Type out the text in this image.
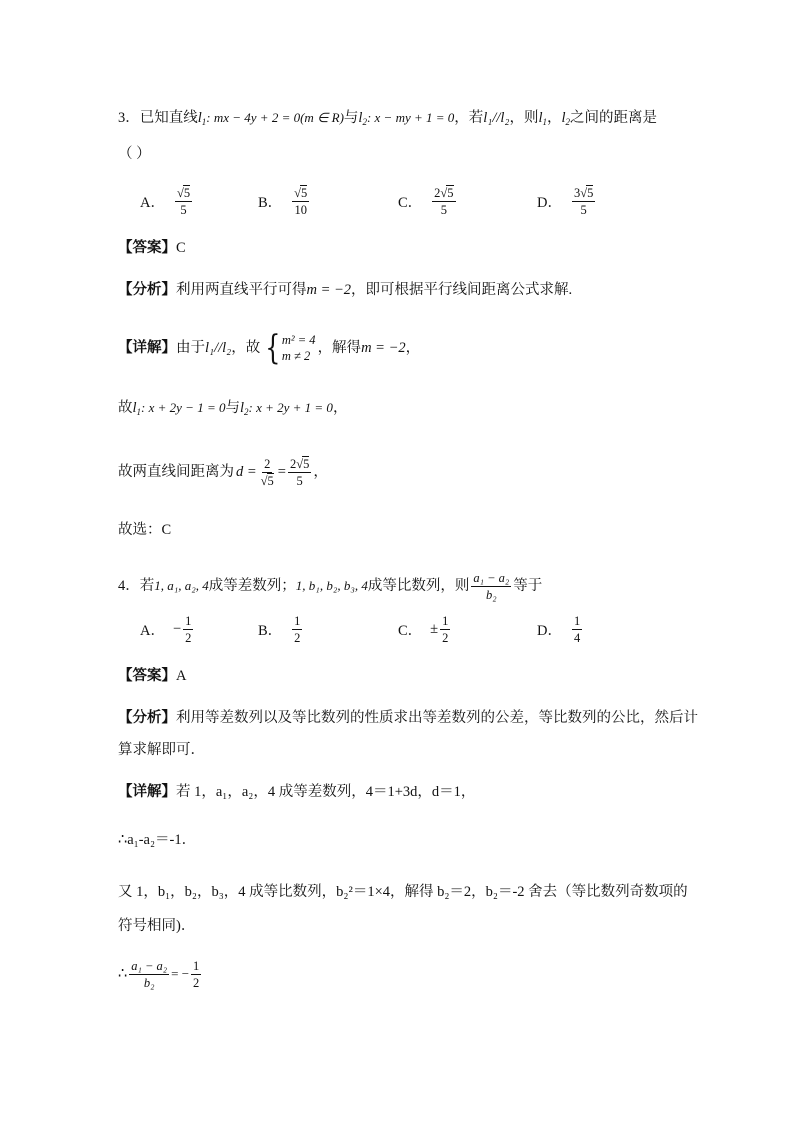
3．已知直线$l_1$: mx − 4y + 2 = 0(m ∈ R)与$l_2$: x − my + 1 = 0，若l₁//l₂，则$l_1$，$l_2$之间的距离是
（ ）
A． $\frac{√5}{5}$	B． $\frac{√5}{10}$	C． $\frac{2√5}{5}$	D． $\frac{3√5}{5}$
【答案】C
【分析】利用两直线平行可得m = −2，即可根据平行线间距离公式求解.
【详解】 由于 l₁//l₂ ，故 { m² = 4
m ≠ 2 ，解得 m = −2 ，
故$l_1$: x + 2y − 1 = 0与$l_2$: x + 2y + 1 = 0，
故两直线间距离为 $d = \frac{2}{√5} = \frac{2√5}{5}$ ，
故选：C
4． 若 1, a₁, a₂, 4 成等差数列； 1, b₁, b₂, b₃, 4 成等比数列，则 $\frac{\text{a₁ − a₂}}{\text{b₂}}$ 等于
A． − $\frac{1}{2}$	B． $\frac{1}{2}$	C． ± $\frac{1}{2}$	D． $\frac{1}{4}$
【答案】A
【分析】利用等差数列以及等比数列的性质求出等差数列的公差，等比数列的公比，然后计
算求解即可．
【详解】若 1，a₁，a₂，4 成等差数列，4＝1+3d，d＝1，
∴a₁-a₂＝-1．
又 1，b₁，b₂，b₃，4 成等比数列，b₂²＝1×4，解得 b₂＝2，b₂＝-2 舍去（等比数列奇数项的
符号相同)．
∴ $\frac{\text{a₁ − a₂}}{\text{b₂}}$ = − $\frac{1}{2}$
